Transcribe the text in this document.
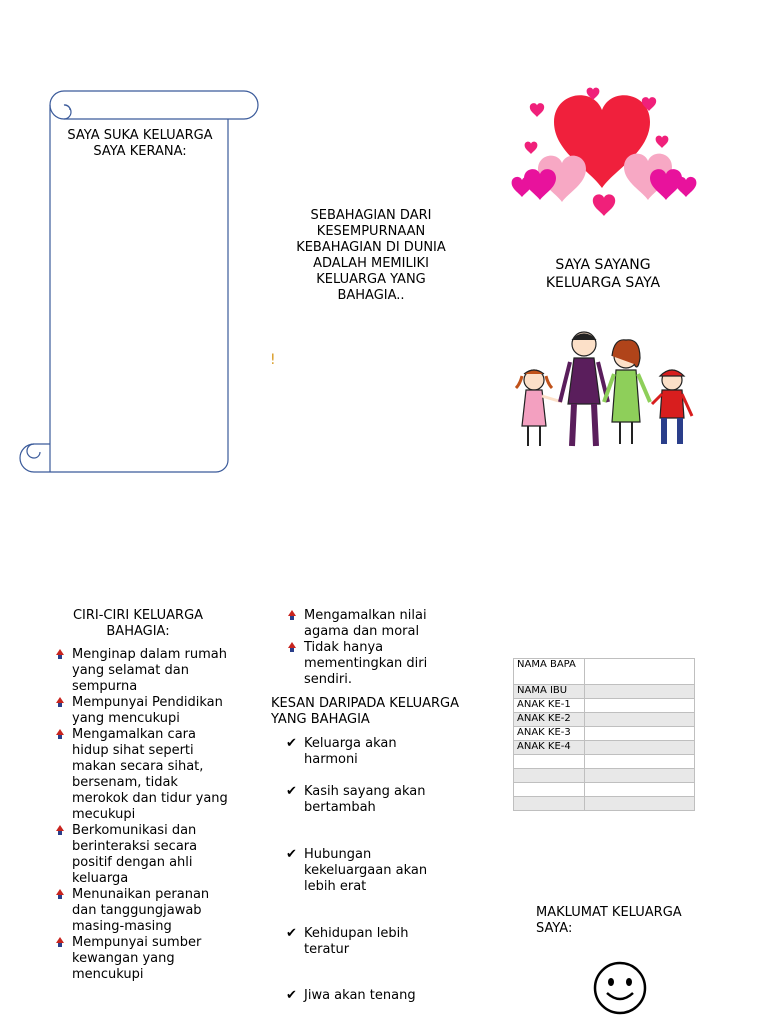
SAYA SUKA KELUARGA SAYA KERANA:
SEBAHAGIAN DARI KESEMPURNAAN KEBAHAGIAN DI DUNIA ADALAH MEMILIKI KELUARGA YANG BAHAGIA..
!
SAYA SAYANG KELUARGA SAYA
CIRI-CIRI KELUARGA BAHAGIA:
Menginap dalam rumah yang selamat dan sempurna
Mempunyai Pendidikan yang mencukupi
Mengamalkan cara hidup sihat seperti makan secara sihat, bersenam, tidak merokok dan tidur yang mecukupi
Berkomunikasi dan berinteraksi secara positif dengan ahli keluarga
Menunaikan peranan dan tanggungjawab masing-masing
Mempunyai sumber kewangan yang mencukupi
Mengamalkan nilai agama dan moral
Tidak hanya mementingkan diri sendiri.
KESAN DARIPADA KELUARGA YANG BAHAGIA
✔ Keluarga akan harmoni
✔ Kasih sayang akan bertambah
✔ Hubungan kekeluargaan akan lebih erat
✔ Kehidupan lebih teratur
✔ Jiwa akan tenang
NAMA BAPA	
NAMA IBU	
ANAK KE-1	
ANAK KE-2	
ANAK KE-3	
ANAK KE-4	

MAKLUMAT KELUARGA SAYA:
